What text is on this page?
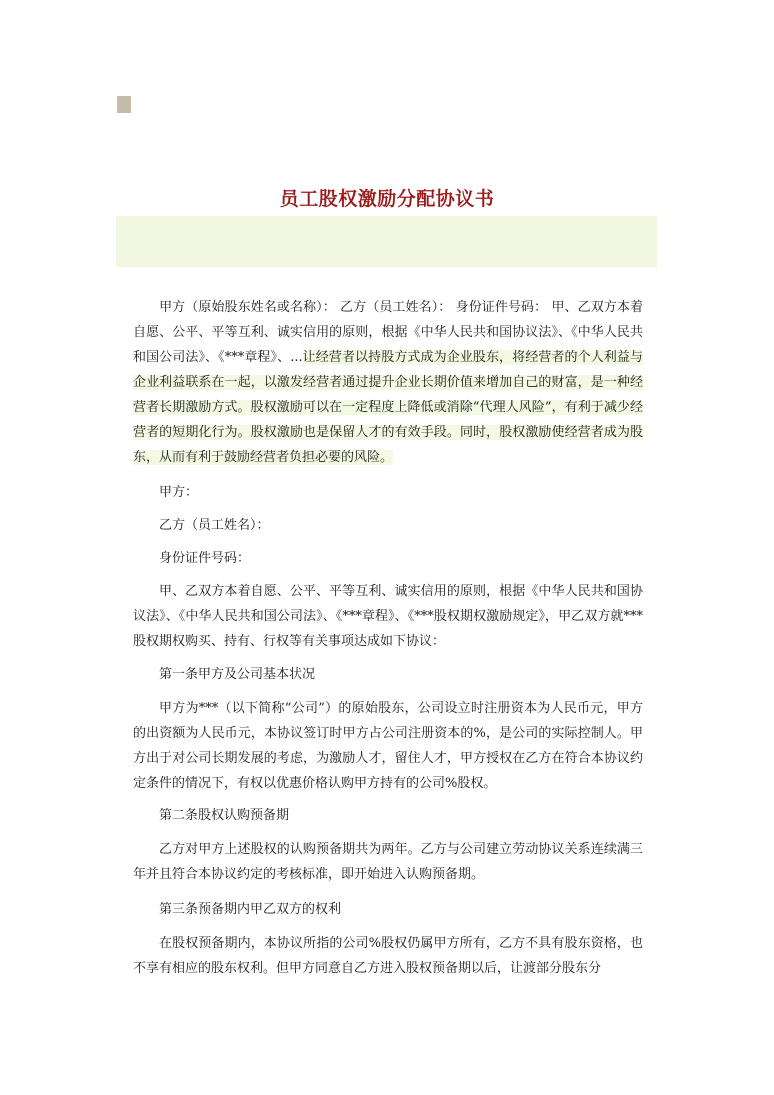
员工股权激励分配协议书
甲方（原始股东姓名或名称）： 乙方（员工姓名）： 身份证件号码： 甲、乙双方本着自愿、公平、平等互利、诚实信用的原则，根据《中华人民共和国协议法》、《中华人民共和国公司法》、《***章程》、...让经营者以持股方式成为企业股东，将经营者的个人利益与企业利益联系在一起，以激发经营者通过提升企业长期价值来增加自己的财富，是一种经营者长期激励方式。股权激励可以在一定程度上降低或消除“代理人风险”，有利于减少经营者的短期化行为。股权激励也是保留人才的有效手段。同时，股权激励使经营者成为股东，从而有利于鼓励经营者负担必要的风险。
甲方：
乙方（员工姓名）：
身份证件号码：
甲、乙双方本着自愿、公平、平等互利、诚实信用的原则，根据《中华人民共和国协议法》、《中华人民共和国公司法》、《***章程》、《***股权期权激励规定》，甲乙双方就***股权期权购买、持有、行权等有关事项达成如下协议：
第一条甲方及公司基本状况
甲方为***（以下简称“公司”）的原始股东，公司设立时注册资本为人民币元，甲方的出资额为人民币元，本协议签订时甲方占公司注册资本的%，是公司的实际控制人。甲方出于对公司长期发展的考虑，为激励人才，留住人才，甲方授权在乙方在符合本协议约定条件的情况下，有权以优惠价格认购甲方持有的公司%股权。
第二条股权认购预备期
乙方对甲方上述股权的认购预备期共为两年。乙方与公司建立劳动协议关系连续满三年并且符合本协议约定的考核标准，即开始进入认购预备期。
第三条预备期内甲乙双方的权利
在股权预备期内，本协议所指的公司%股权仍属甲方所有，乙方不具有股东资格，也不享有相应的股东权利。但甲方同意自乙方进入股权预备期以后，让渡部分股东分
